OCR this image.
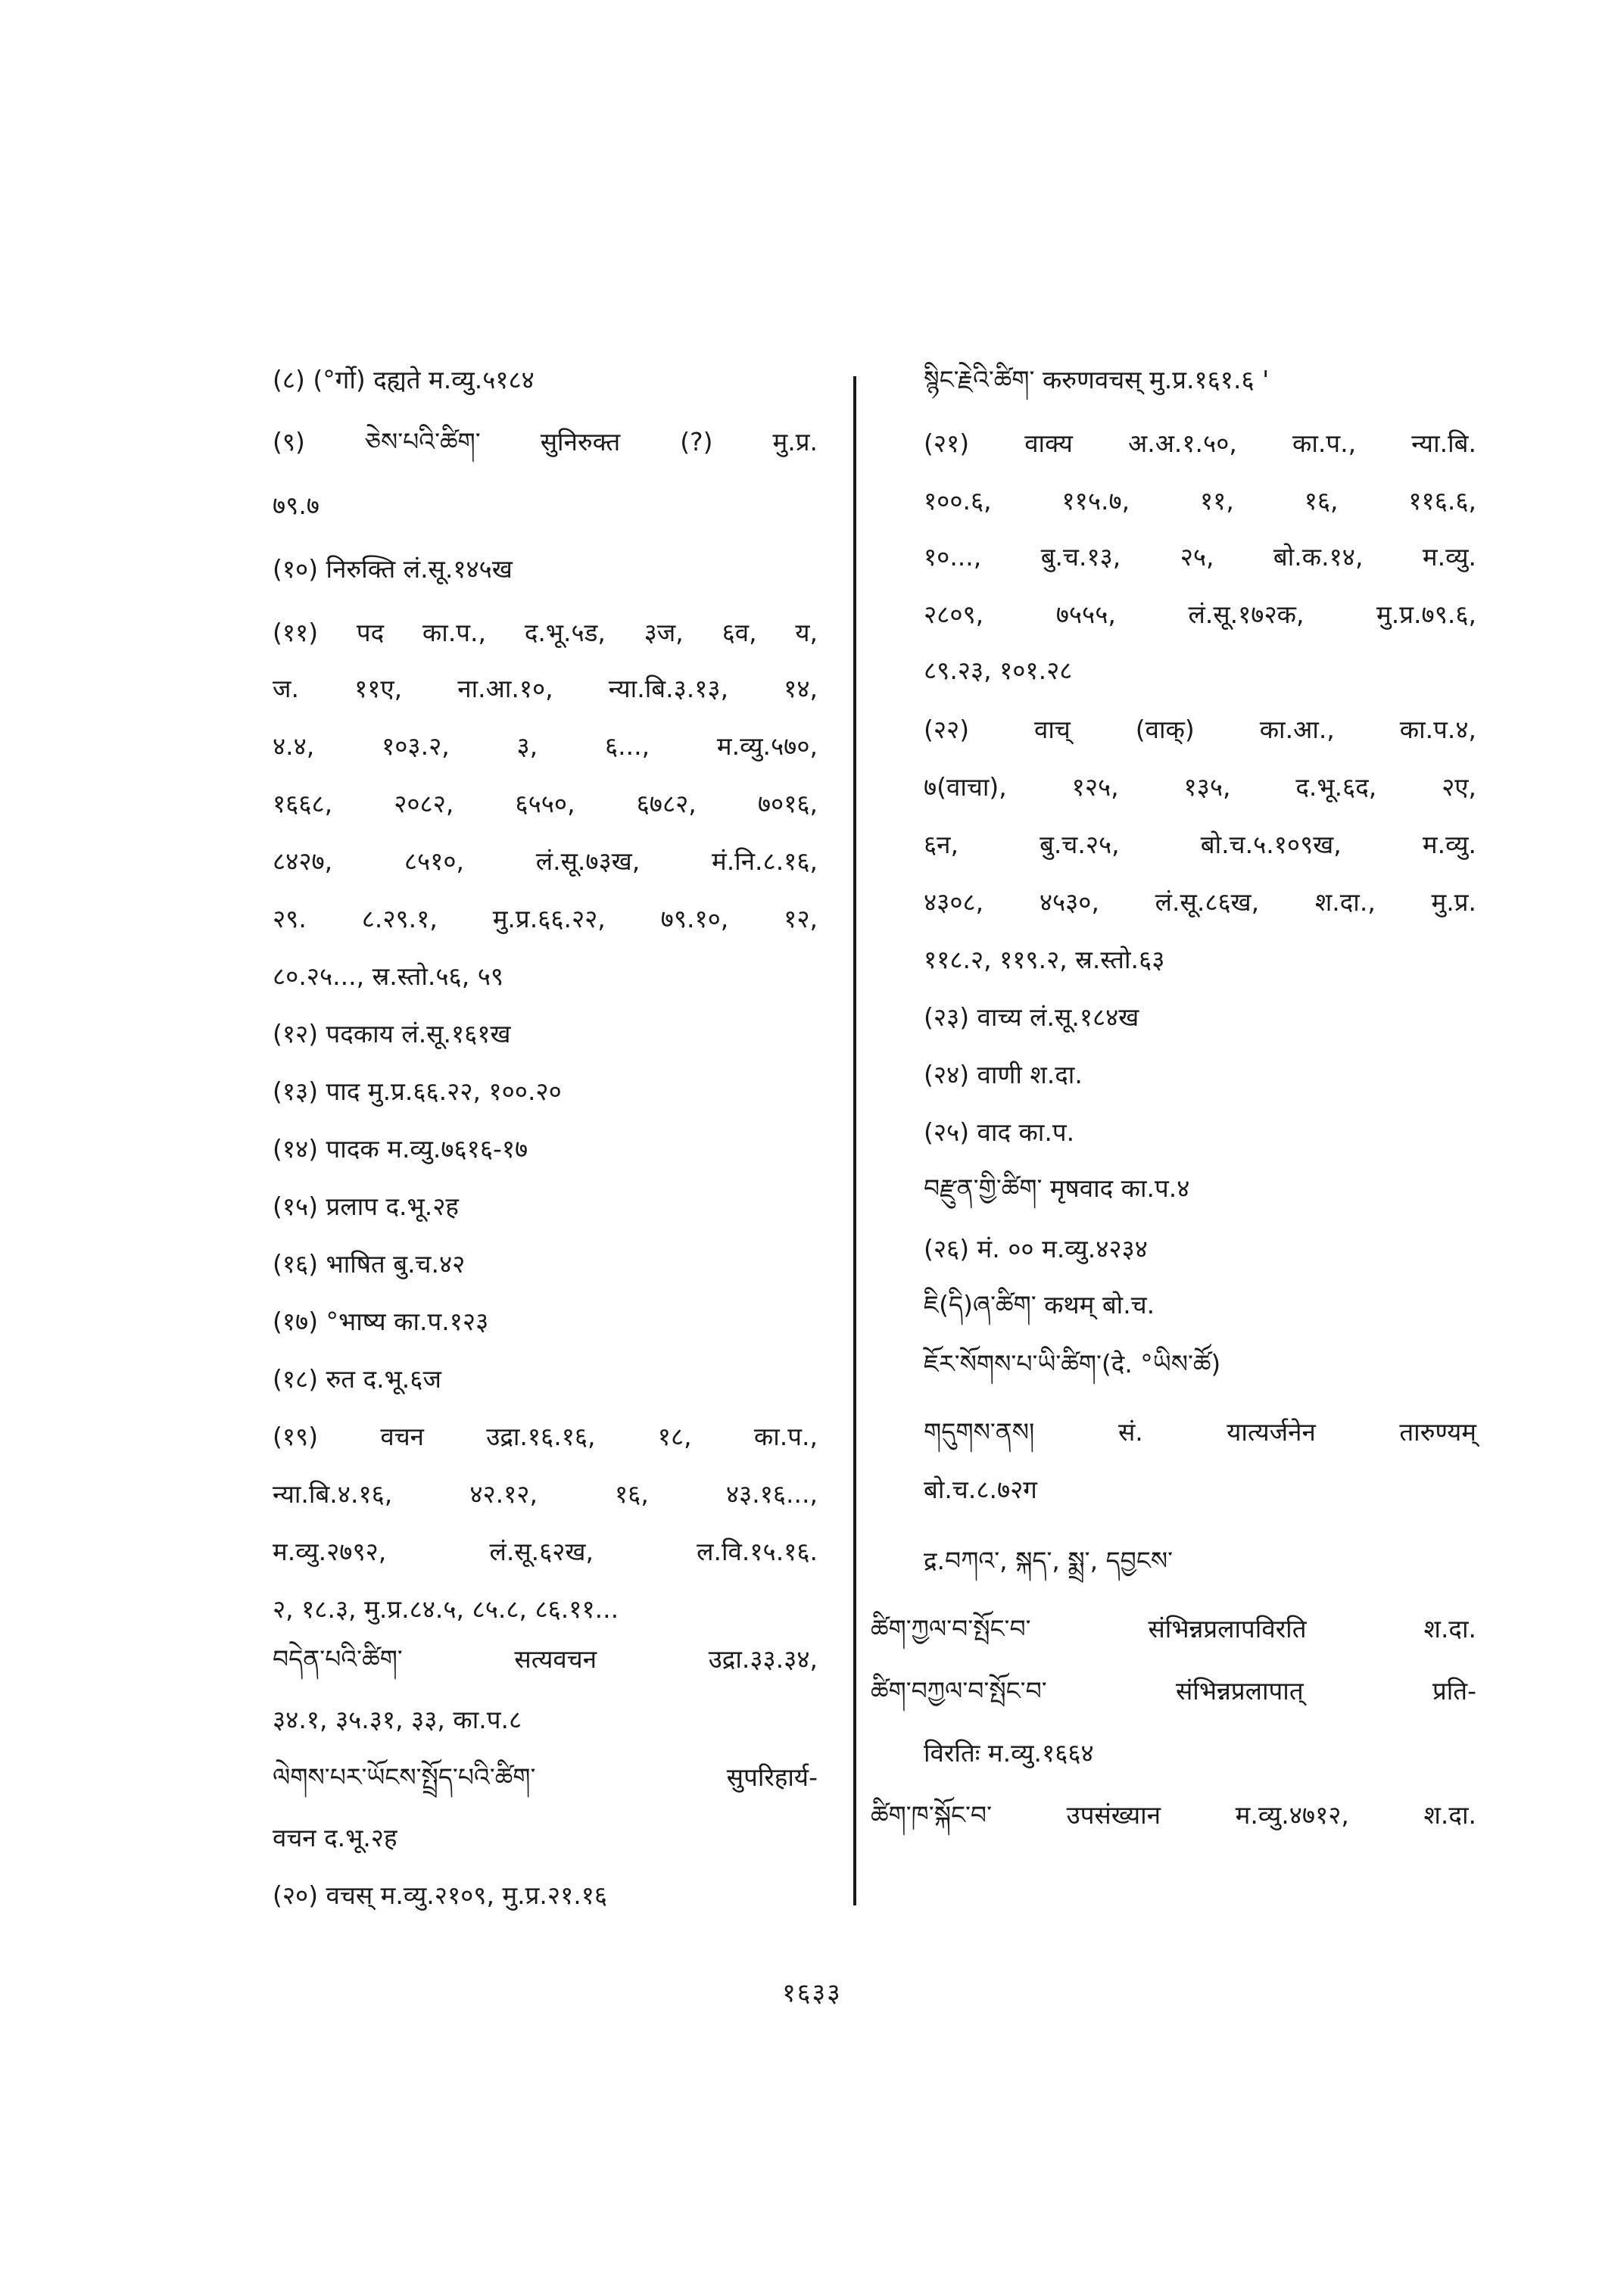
(८) (°र्गो) दह्यते म.व्यु.५१८४
(९) ཅེས་པའི་ཚིག་ सुनिरुक्त (?) मु.प्र.
७९.७
(१०) निरुक्ति लं.सू.१४५ख
(११) पद का.प., द.भू.५ड, ३ज, ६व, य,
ज. ११ए, ना.आ.१०, न्या.बि.३.१३, १४,
४.४, १०३.२, ३, ६..., म.व्यु.५७०,
१६६८, २०८२, ६५५०, ६७८२, ७०१६,
८४२७, ८५१०, लं.सू.७३ख, मं.नि.८.१६,
२९. ८.२९.१, मु.प्र.६६.२२, ७९.१०, १२,
८०.२५..., स्र.स्तो.५६, ५९
(१२) पदकाय लं.सू.१६१ख
(१३) पाद मु.प्र.६६.२२, १००.२०
(१४) पादक म.व्यु.७६१६-१७
(१५) प्रलाप द.भू.२ह
(१६) भाषित बु.च.४२
(१७) °भाष्य का.प.१२३
(१८) रुत द.भू.६ज
(१९) वचन उद्रा.१६.१६, १८, का.प.,
न्या.बि.४.१६, ४२.१२, १६, ४३.१६...,
म.व्यु.२७९२, लं.सू.६२ख, ल.वि.१५.१६.
२, १८.३, मु.प्र.८४.५, ८५.८, ८६.११...
བདེན་པའི་ཚིག་ सत्यवचन उद्रा.३३.३४,
३४.१, ३५.३१, ३३, का.प.८
ལེགས་པར་ཡོངས་སྤྲོད་པའི་ཚིག་ सुपरिहार्य-
वचन द.भू.२ह
(२०) वचस् म.व्यु.२१०९, मु.प्र.२१.१६
སྙིང་རྗེའི་ཚིག་ करुणवचस् मु.प्र.१६१.६ '
(२१) वाक्य अ.अ.१.५०, का.प., न्या.बि.
१००.६, ११५.७, ११, १६, ११६.६,
१०..., बु.च.१३, २५, बो.क.१४, म.व्यु.
२८०९, ७५५५, लं.सू.१७२क, मु.प्र.७९.६,
८९.२३, १०१.२८
(२२) वाच् (वाक्) का.आ., का.प.४,
७(वाचा), १२५, १३५, द.भू.६द, २ए,
६न, बु.च.२५, बो.च.५.१०९ख, म.व्यु.
४३०८, ४५३०, लं.सू.८६ख, श.दा., मु.प्र.
११८.२, ११९.२, स्र.स्तो.६३
(२३) वाच्य लं.सू.१८४ख
(२४) वाणी श.दा.
(२५) वाद का.प.
བརྫུན་གྱི་ཚིག་ मृषवाद का.प.४
(२६) मं. ०० म.व्यु.४२३४
ཇི(དི)ཞ་ཚིག་ कथम् बो.च.
ཇོར་སོགས་པ་ཡི་ཚིག་(दे. °ཡིས་ཚོ)
གདུགས་ནས། सं. यात्यर्जनेन तारुण्यम्
बो.च.८.७२ग
द्र.བཀའ་, སྐད་, སྨྲ་, དབྱངས་
ཚིག་ཀྱལ་བ་སྤོང་བ་ संभिन्नप्रलापविरति श.दा.
ཚིག་བཀྱལ་བ་སྤོང་བ་ संभिन्नप्रलापात् प्रति-
विरतिः म.व्यु.१६६४
ཚིག་ཁ་སྐོང་བ་ उपसंख्यान म.व्यु.४७१२, श.दा.
१६३३
